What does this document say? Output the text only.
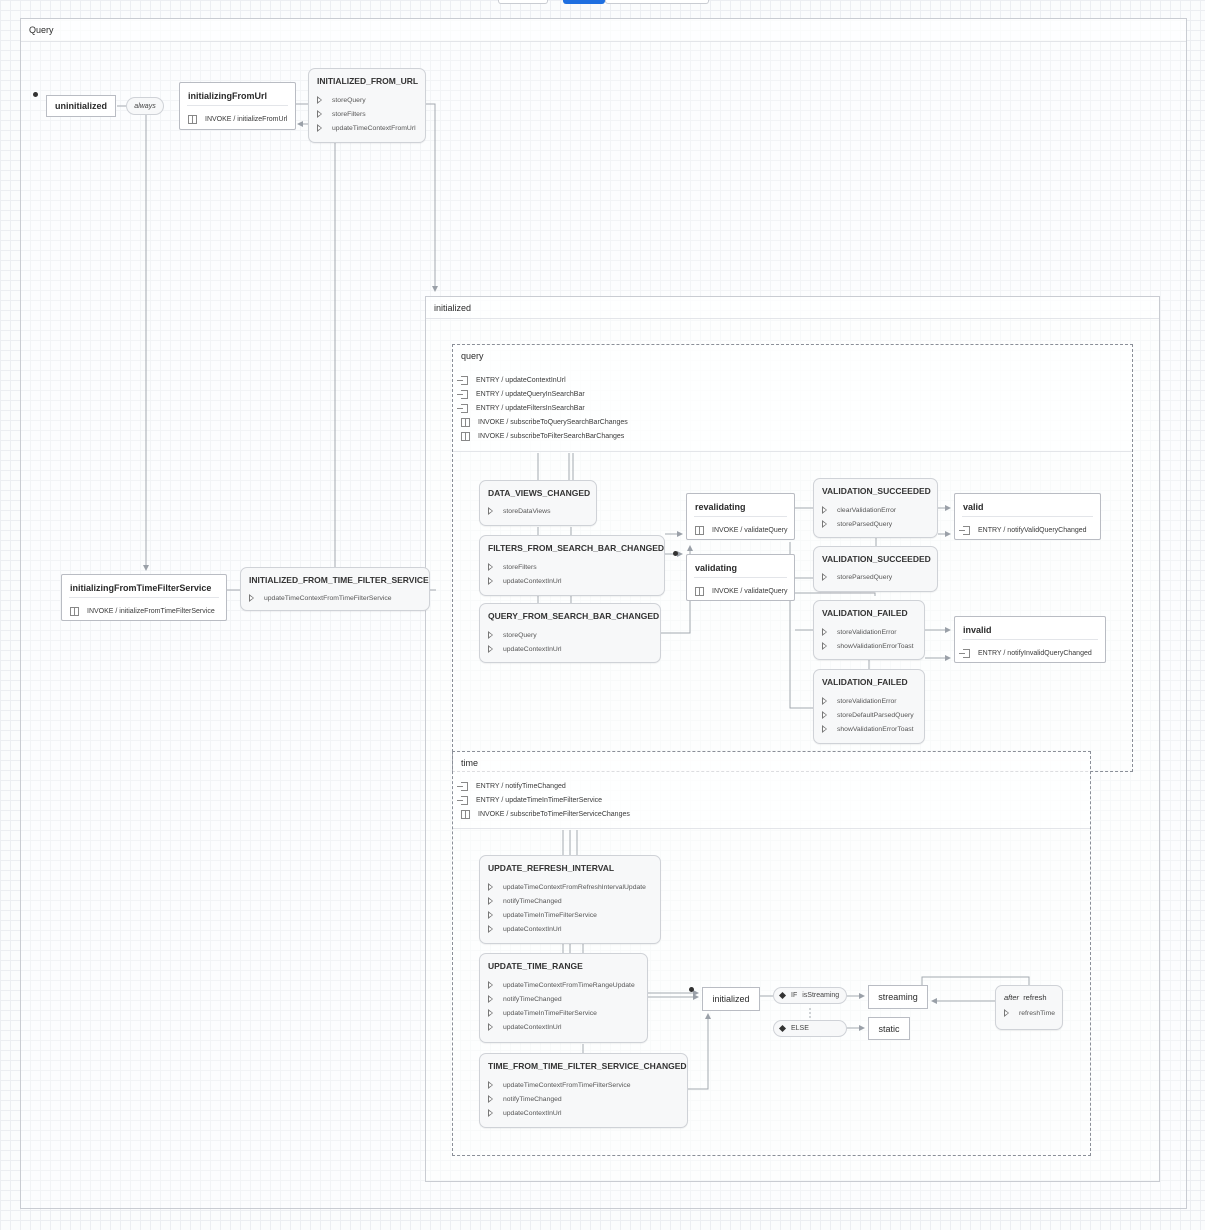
Query
initialized
query
ENTRY / updateContextInUrl
ENTRY / updateQueryInSearchBar
ENTRY / updateFiltersInSearchBar
INVOKE / subscribeToQuerySearchBarChanges
INVOKE / subscribeToFilterSearchBarChanges
time
ENTRY / notifyTimeChanged
ENTRY / updateTimeInTimeFilterService
INVOKE / subscribeToTimeFilterServiceChanges
uninitialized	always
initializingFromUrl
INVOKE / initializeFromUrl
INITIALIZED_FROM_URL
storeQuery
storeFilters
updateTimeContextFromUrl
initializingFromTimeFilterService
INVOKE / initializeFromTimeFilterService
INITIALIZED_FROM_TIME_FILTER_SERVICE
updateTimeContextFromTimeFilterService
DATA_VIEWS_CHANGED
storeDataViews
FILTERS_FROM_SEARCH_BAR_CHANGED
storeFilters
updateContextInUrl
QUERY_FROM_SEARCH_BAR_CHANGED
storeQuery
updateContextInUrl
revalidating
INVOKE / validateQuery
validating
INVOKE / validateQuery
VALIDATION_SUCCEEDED
clearValidationError
storeParsedQuery
VALIDATION_SUCCEEDED
storeParsedQuery
VALIDATION_FAILED
storeValidationError
showValidationErrorToast
VALIDATION_FAILED
storeValidationError
storeDefaultParsedQuery
showValidationErrorToast
valid
ENTRY / notifyValidQueryChanged
invalid
ENTRY / notifyInvalidQueryChanged
UPDATE_REFRESH_INTERVAL
updateTimeContextFromRefreshIntervalUpdate
notifyTimeChanged
updateTimeInTimeFilterService
updateContextInUrl
UPDATE_TIME_RANGE
updateTimeContextFromTimeRangeUpdate
notifyTimeChanged
updateTimeInTimeFilterService
updateContextInUrl
TIME_FROM_TIME_FILTER_SERVICE_CHANGED
updateTimeContextFromTimeFilterService
notifyTimeChanged
updateContextInUrl
initialized	IF isStreaming
ELSE
streaming
static
after refresh
refreshTime
